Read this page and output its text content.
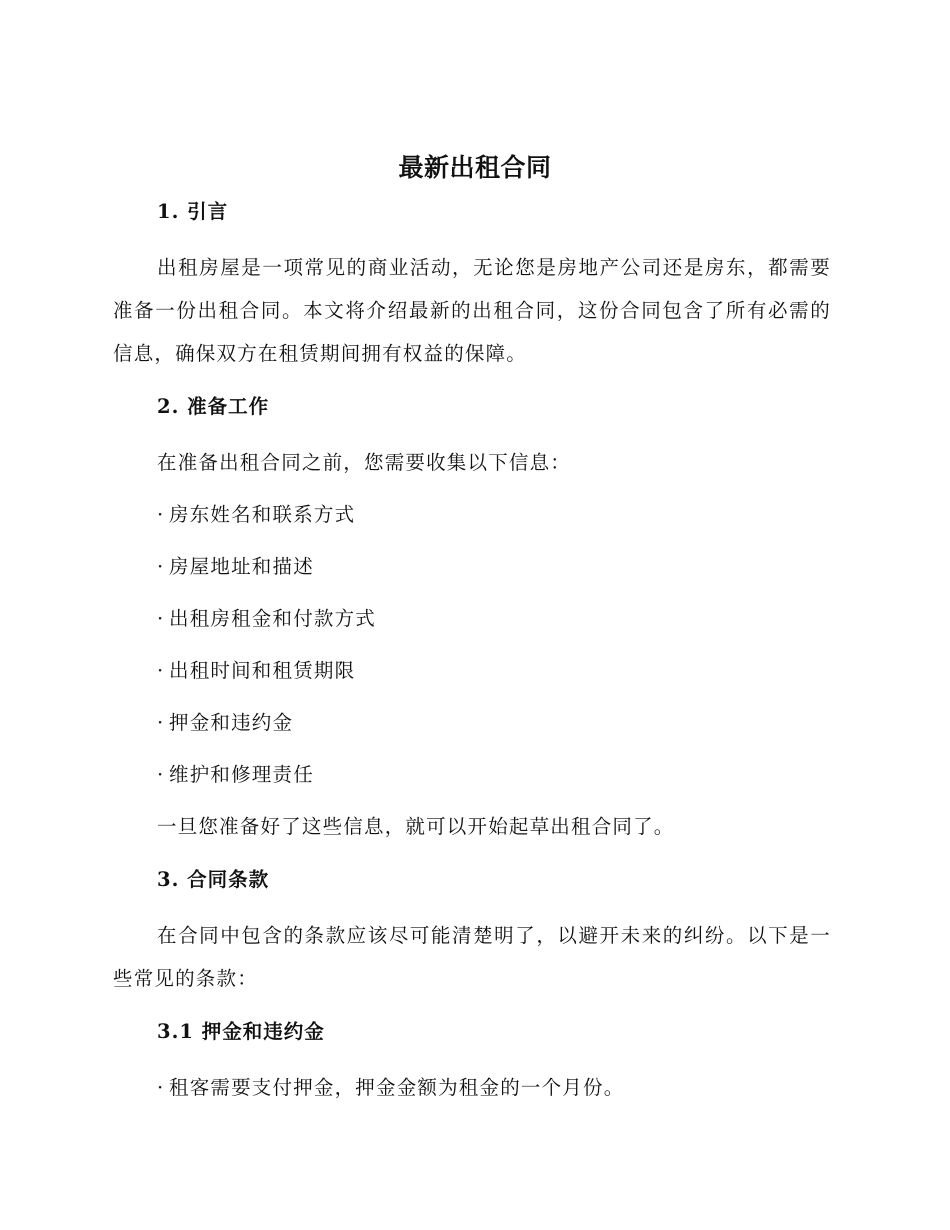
最新出租合同
1. 引言

出租房屋是一项常见的商业活动，无论您是房地产公司还是房东，都需要准备一份出租合同。本文将介绍最新的出租合同，这份合同包含了所有必需的信息，确保双方在租赁期间拥有权益的保障。

2. 准备工作

在准备出租合同之前，您需要收集以下信息：

· 房东姓名和联系方式
· 房屋地址和描述
· 出租房租金和付款方式
· 出租时间和租赁期限
· 押金和违约金
· 维护和修理责任

一旦您准备好了这些信息，就可以开始起草出租合同了。

3. 合同条款

在合同中包含的条款应该尽可能清楚明了，以避开未来的纠纷。以下是一些常见的条款：

3.1 押金和违约金
· 租客需要支付押金，押金金额为租金的一个月份。
